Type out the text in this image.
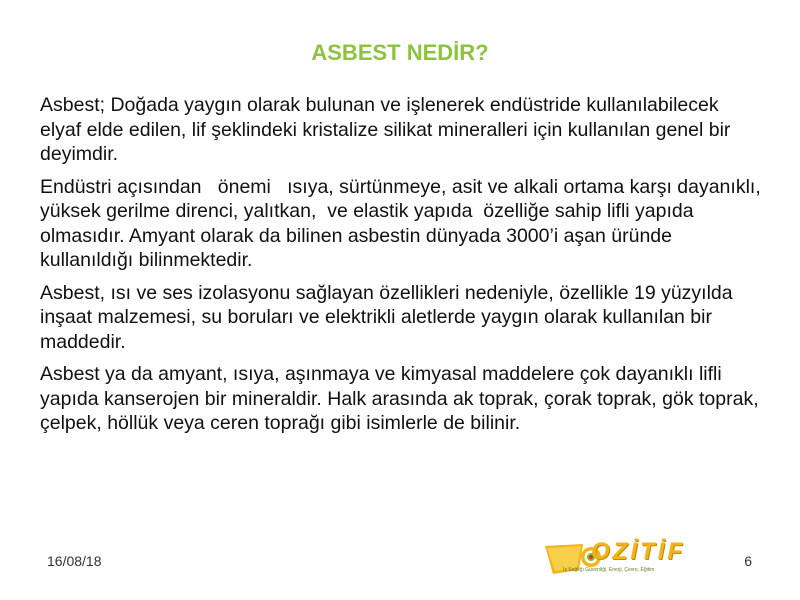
ASBEST NEDİR?

Asbest; Doğada yaygın olarak bulunan ve işlenerek endüstride kullanılabilecek elyaf elde edilen, lif şeklindeki kristalize silikat mineralleri için kullanılan genel bir deyimdir.

Endüstri açısından   önemi   ısıya, sürtünmeye, asit ve alkali ortama karşı dayanıklı, yüksek gerilme direnci, yalıtkan,  ve elastik yapıda  özelliğe sahip lifli yapıda olmasıdır. Amyant olarak da bilinen asbestin dünyada 3000’i aşan üründe kullanıldığı bilinmektedir.

Asbest, ısı ve ses izolasyonu sağlayan özellikleri nedeniyle, özellikle 19 yüzyılda inşaat malzemesi, su boruları ve elektrikli aletlerde yaygın olarak kullanılan bir maddedir.

Asbest ya da amyant, ısıya, aşınmaya ve kimyasal maddelere çok dayanıklı lifli yapıda kanserojen bir mineraldir. Halk arasında ak toprak, çorak toprak, gök toprak, çelpek, höllük veya ceren toprağı gibi isimlerle de bilinir.

16/08/18	OZİTİF
İş Sağlığı Güvenliği, Enerji, Çevre, Eğitim
6
